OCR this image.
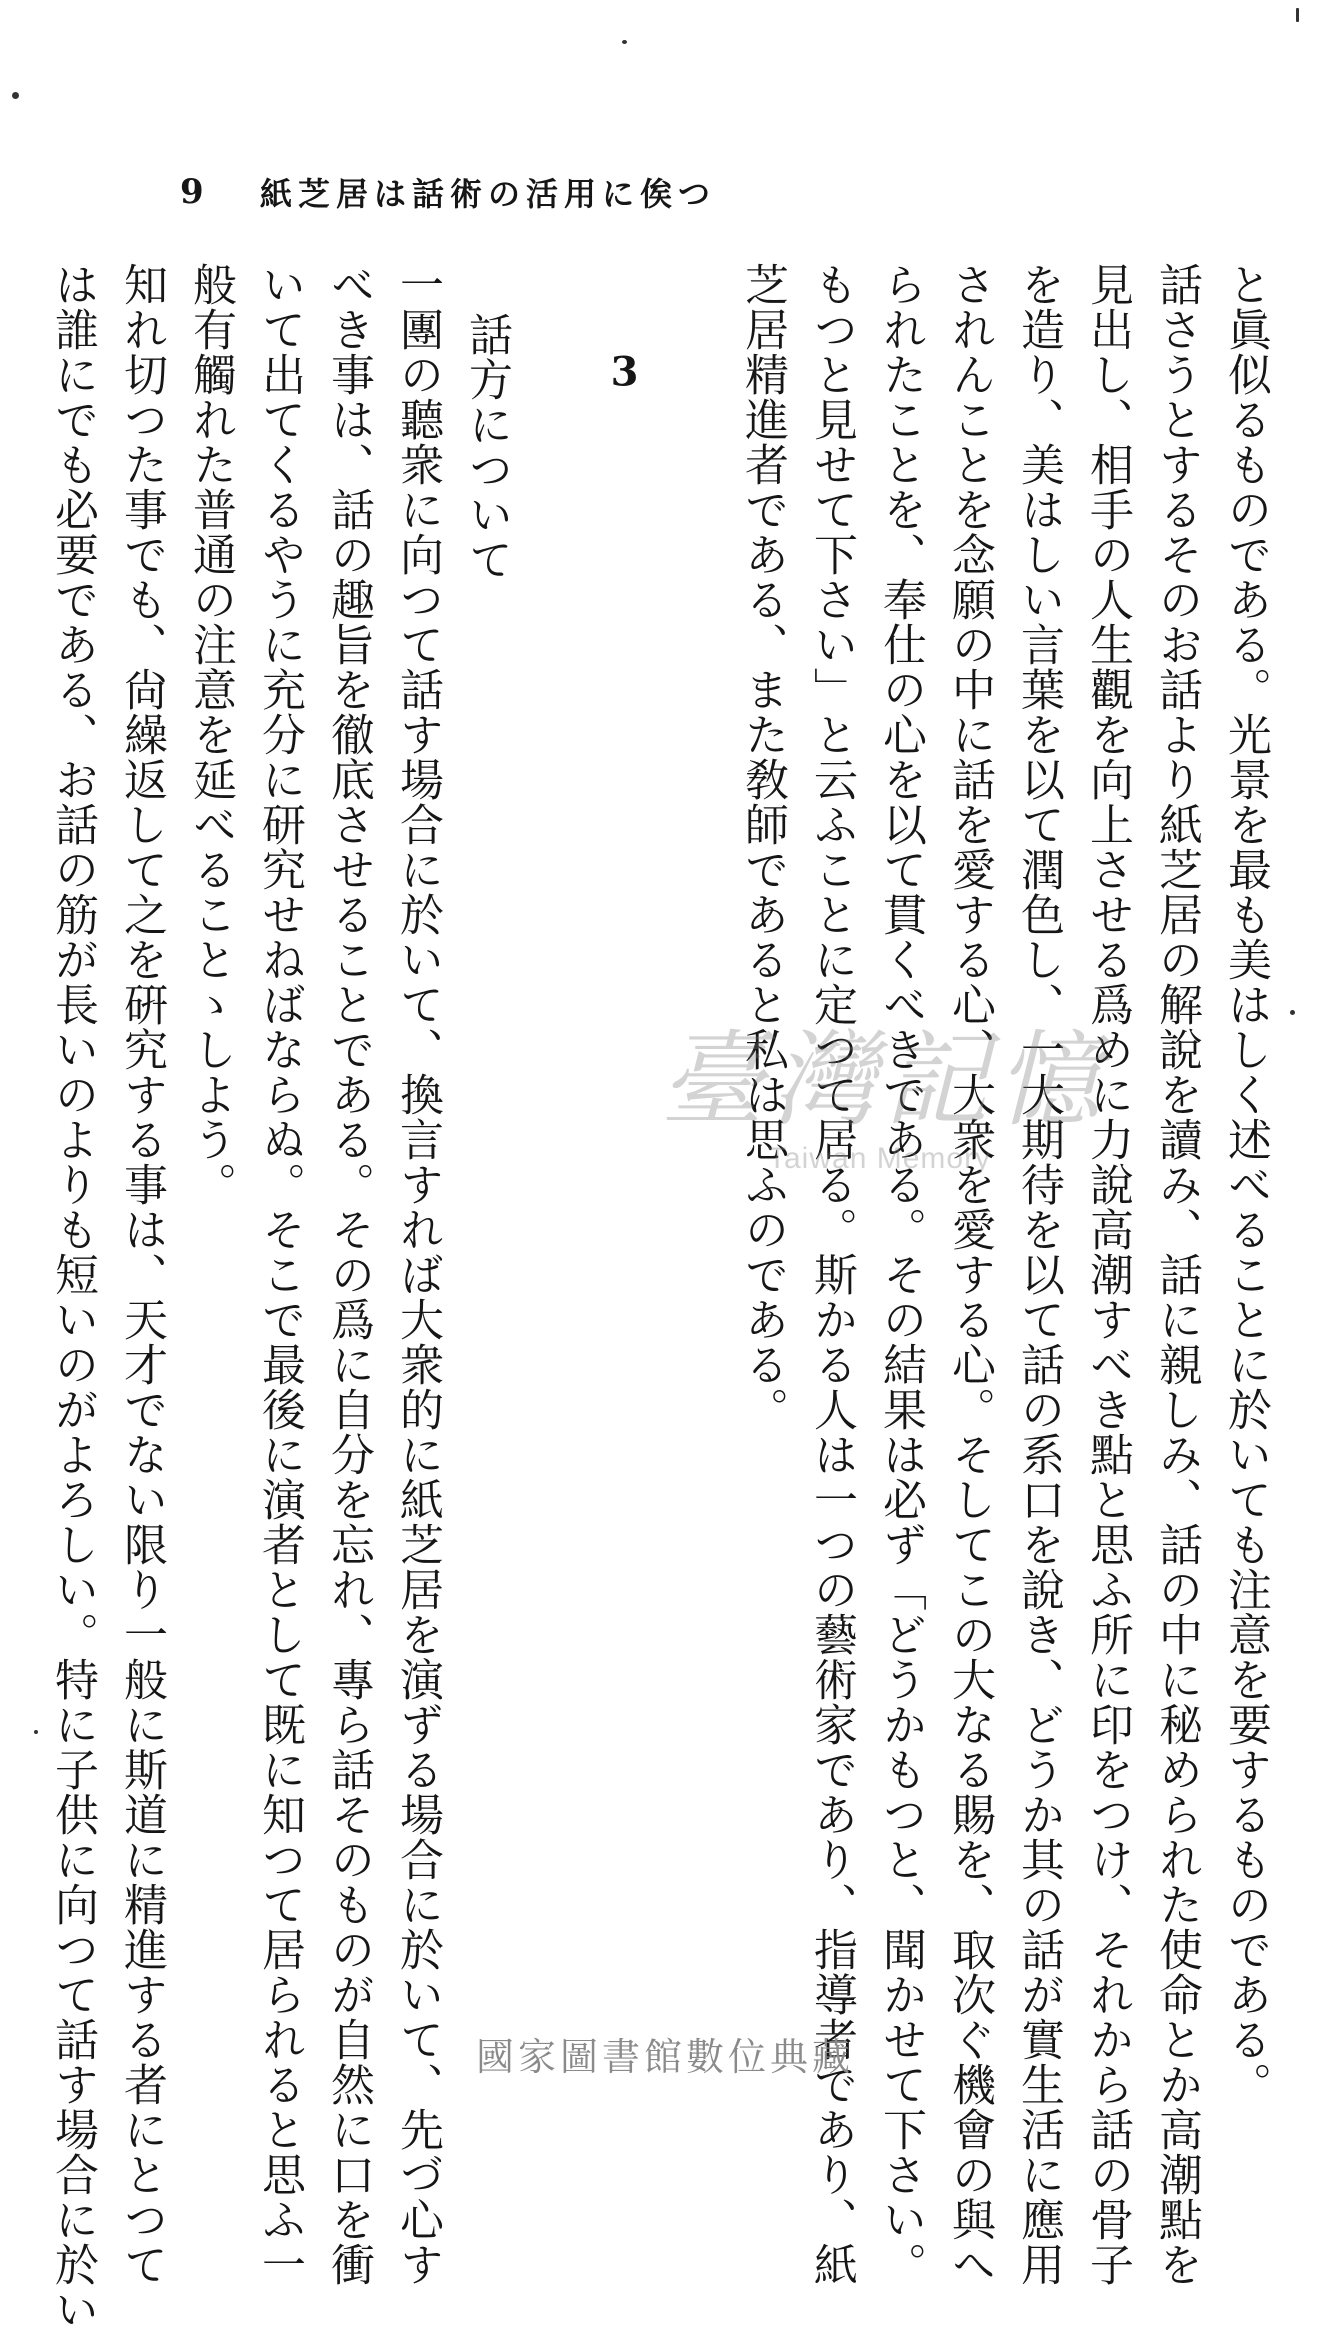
9 紙芝居は話術の活用に俟つ
と眞似るものである。光景を最も美はしく述べることに於いても注意を要するものである。
話さうとするそのお話より紙芝居の解說を讀み、話に親しみ、話の中に秘められた使命とか高潮點を
見出し、相手の人生觀を向上させる爲めに力說高潮すべき點と思ふ所に印をつけ、それから話の骨子
を造り、美はしい言葉を以て潤色し、一大期待を以て話の系口を說き、どうか其の話が實生活に應用
されんことを念願の中に話を愛する心、大衆を愛する心。そしてこの大なる賜を、取次ぐ機會の與へ
られたことを、奉仕の心を以て貫くべきである。その結果は必ず「どうかもつと、聞かせて下さい。
もつと見せて下さい」と云ふことに定つて居る。斯かる人は一つの藝術家であり、指導者であり、紙
芝居精進者である、また敎師であると私は思ふのである。

3

話方について
一團の聽衆に向つて話す場合に於いて、換言すれば大衆的に紙芝居を演ずる場合に於いて、先づ心す
べき事は、話の趣旨を徹底させることである。その爲に自分を忘れ、專ら話そのものが自然に口を衝
いて出てくるやうに充分に研究せねばならぬ。そこで最後に演者として既に知つて居られると思ふ一
般有觸れた普通の注意を延べることゝしよう。
知れ切つた事でも、尙繰返して之を硏究する事は、天才でない限り一般に斯道に精進する者にとつて
は誰にでも必要である、お話の筋が長いのよりも短いのがよろしい。特に子供に向つて話す場合に於い	臺灣記憶
Taiwan Memory
國家圖書館數位典藏
